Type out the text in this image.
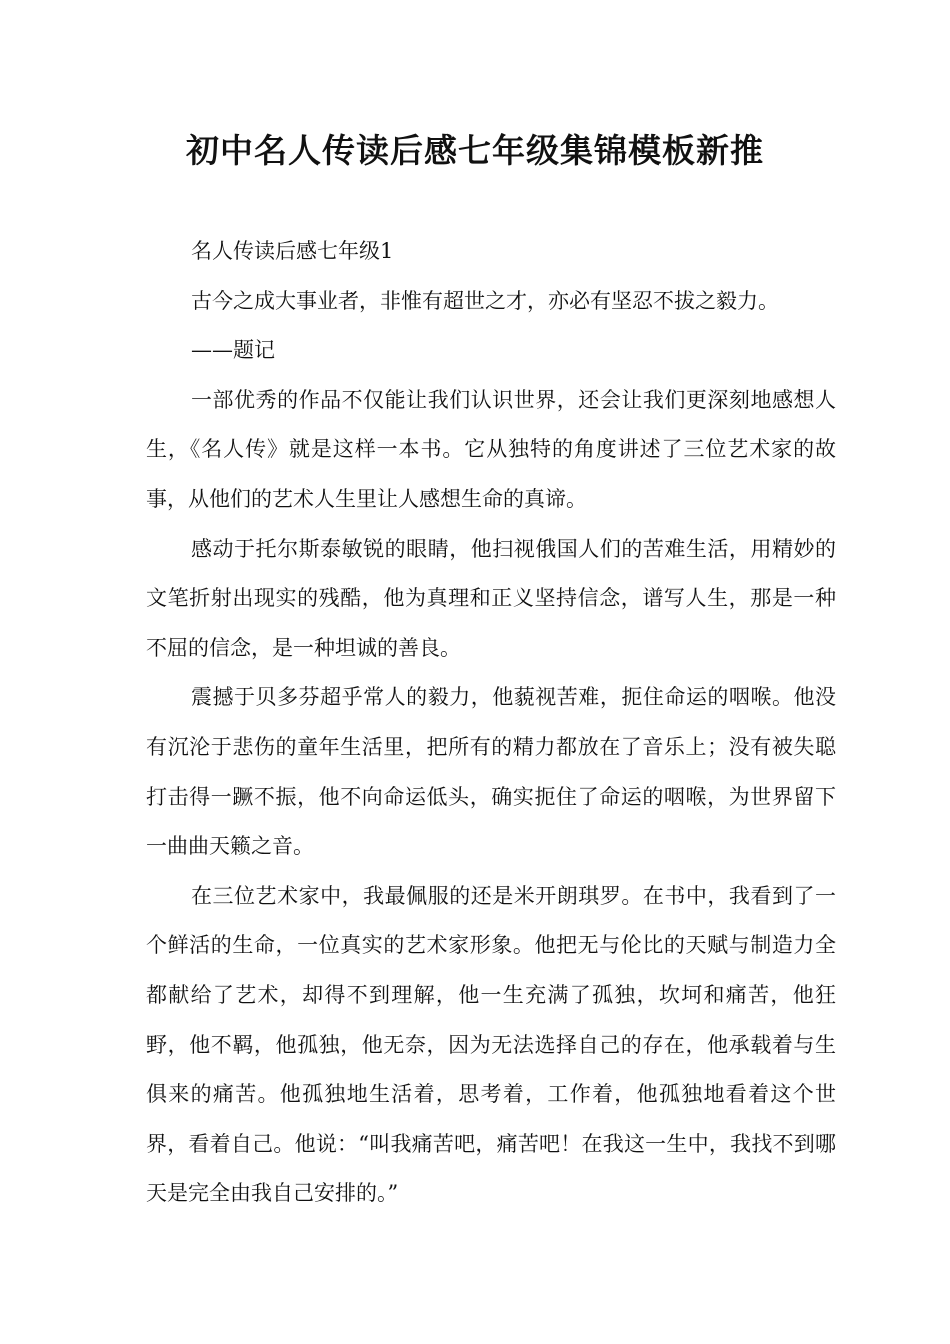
初中名人传读后感七年级集锦模板新推

名人传读后感七年级1

古今之成大事业者，非惟有超世之才，亦必有坚忍不拔之毅力。

——题记

一部优秀的作品不仅能让我们认识世界，还会让我们更深刻地感想人生，《名人传》就是这样一本书。它从独特的角度讲述了三位艺术家的故事，从他们的艺术人生里让人感想生命的真谛。

感动于托尔斯泰敏锐的眼睛，他扫视俄国人们的苦难生活，用精妙的文笔折射出现实的残酷，他为真理和正义坚持信念，谱写人生，那是一种不屈的信念，是一种坦诚的善良。

震撼于贝多芬超乎常人的毅力，他藐视苦难，扼住命运的咽喉。他没有沉沦于悲伤的童年生活里，把所有的精力都放在了音乐上；没有被失聪打击得一蹶不振，他不向命运低头，确实扼住了命运的咽喉，为世界留下一曲曲天籁之音。

在三位艺术家中，我最佩服的还是米开朗琪罗。在书中，我看到了一个鲜活的生命，一位真实的艺术家形象。他把无与伦比的天赋与制造力全都献给了艺术，却得不到理解，他一生充满了孤独，坎坷和痛苦，他狂野，他不羁，他孤独，他无奈，因为无法选择自己的存在，他承载着与生俱来的痛苦。他孤独地生活着，思考着，工作着，他孤独地看着这个世界，看着自己。他说：“叫我痛苦吧，痛苦吧！在我这一生中，我找不到哪天是完全由我自己安排的。”
